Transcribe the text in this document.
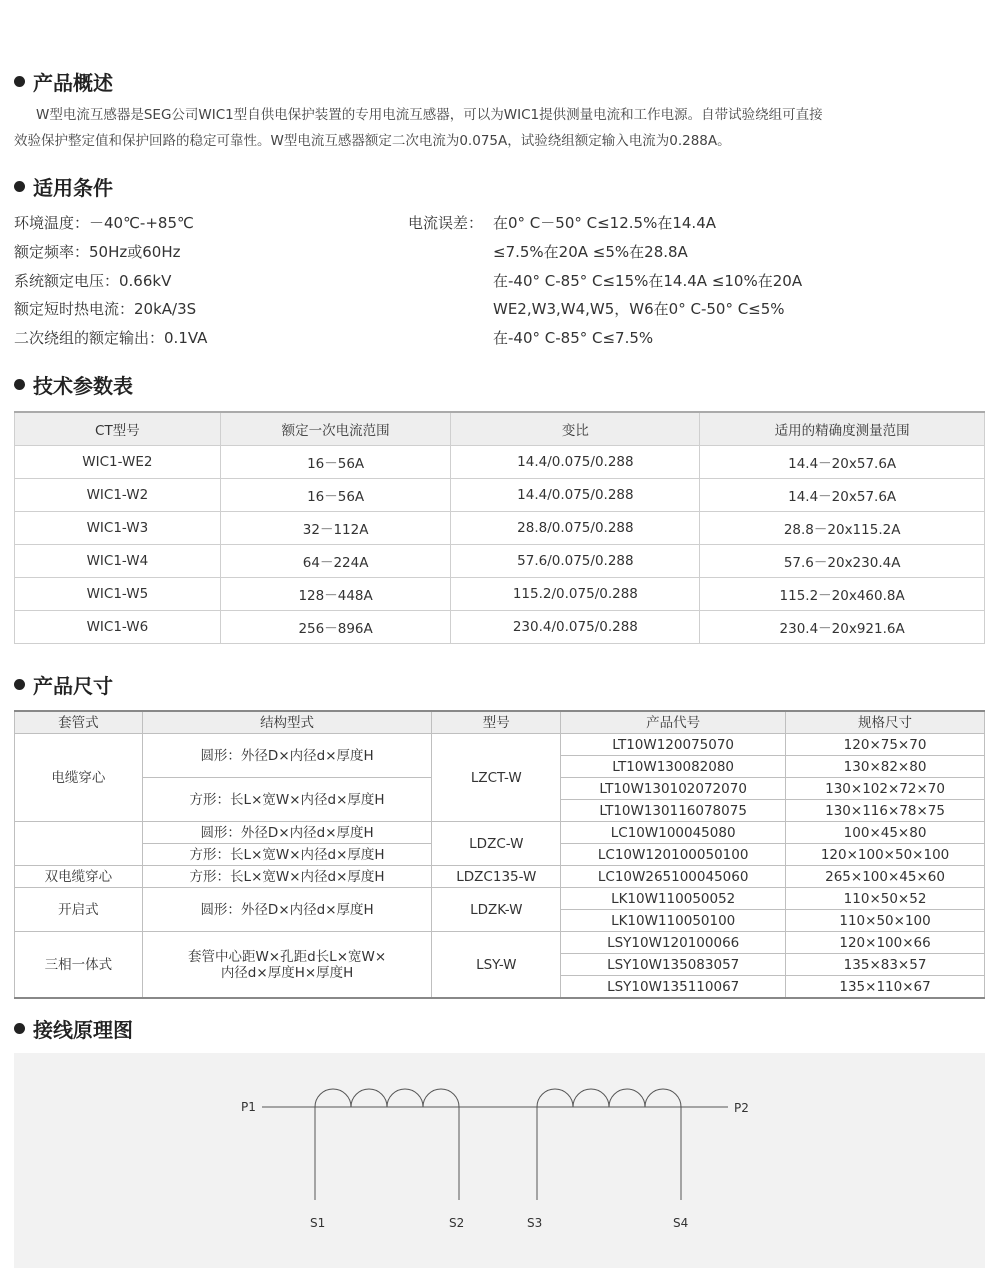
产品概述

W型电流互感器是SEG公司WIC1型自供电保护装置的专用电流互感器，可以为WIC1提供测量电流和工作电源。自带试验绕组可直接

效验保护整定值和保护回路的稳定可靠性。W型电流互感器额定二次电流为0.075A，试验绕组额定输入电流为0.288A。

适用条件
环境温度：－40℃-+85℃
额定频率：50Hz或60Hz
系统额定电压：0.66kV
额定短时热电流：20kA/3S
二次绕组的额定输出：0.1VA
电流误差： 在0° C－50° C≤12.5%在14.4A
≤7.5%在20A ≤5%在28.8A
在-40° C-85° C≤15%在14.4A ≤10%在20A
WE2,W3,W4,W5，W6在0° C-50° C≤5%
在-40° C-85° C≤7.5%
技术参数表
CT型号	额定一次电流范围	变比	适用的精确度测量范围
WIC1-WE2	16－56A	14.4/0.075/0.288	14.4－20x57.6A
WIC1-W2	16－56A	14.4/0.075/0.288	14.4－20x57.6A
WIC1-W3	32－112A	28.8/0.075/0.288	28.8－20x115.2A
WIC1-W4	64－224A	57.6/0.075/0.288	57.6－20x230.4A
WIC1-W5	128－448A	115.2/0.075/0.288	115.2－20x460.8A
WIC1-W6	256－896A	230.4/0.075/0.288	230.4－20x921.6A
产品尺寸
套管式	结构型式	型号	产品代号	规格尺寸
电缆穿心	圆形：外径D×内径d×厚度H	LZCT-W	LT10W120075070	120×75×70
			LT10W130082080	130×82×80
	方形：长L×宽W×内径d×厚度H		LT10W130102072070	130×102×72×70
			LT10W130116078075	130×116×78×75
	圆形：外径D×内径d×厚度H	LDZC-W	LC10W100045080	100×45×80
	方形：长L×宽W×内径d×厚度H		LC10W120100050100	120×100×50×100
双电缆穿心	方形：长L×宽W×内径d×厚度H	LDZC135-W	LC10W265100045060	265×100×45×60
开启式	圆形：外径D×内径d×厚度H	LDZK-W	LK10W110050052	110×50×52
			LK10W110050100	110×50×100
三相一体式	套管中心距W×孔距d长L×宽W×
内径d×厚度H×厚度H	LSY-W	LSY10W120100066	120×100×66
			LSY10W135083057	135×83×57
			LSY10W135110067	135×110×67
接线原理图
P1	P2
S1	S2	S3	S4
